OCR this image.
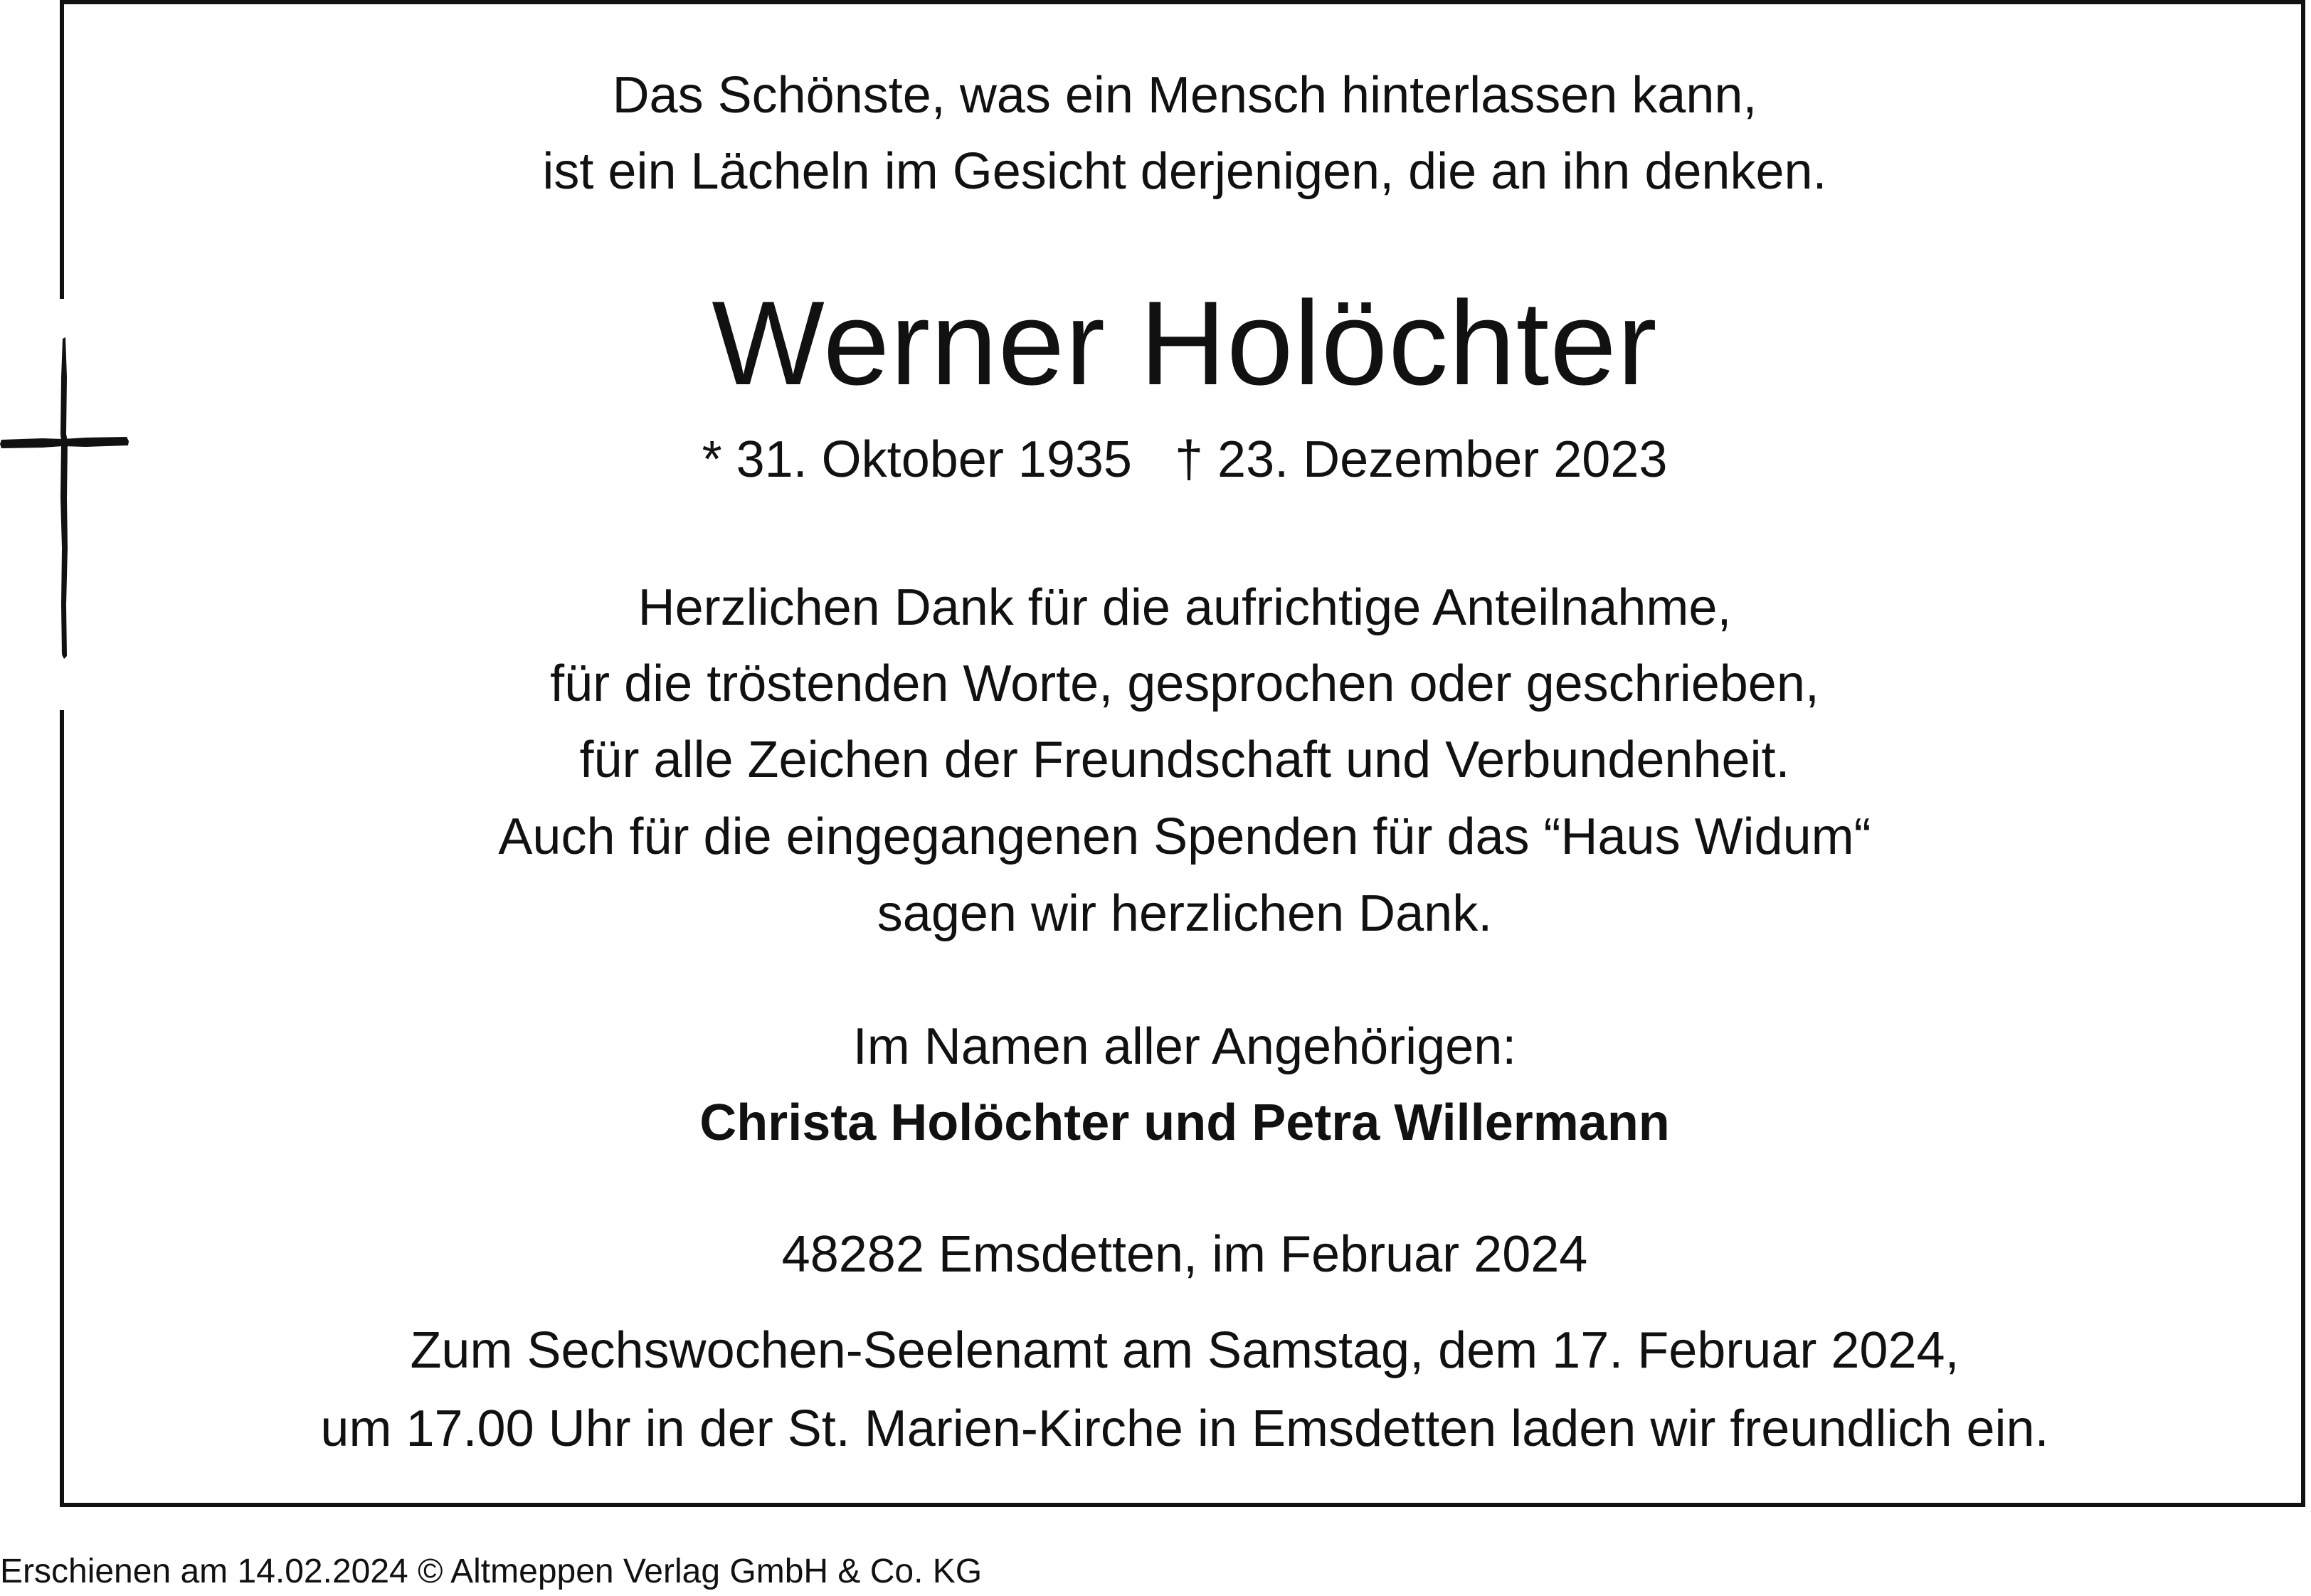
Das Schönste, was ein Mensch hinterlassen kann,
ist ein Lächeln im Gesicht derjenigen, die an ihn denken.
Werner Holöchter
* 31. Oktober 1935   † 23. Dezember 2023
Herzlichen Dank für die aufrichtige Anteilnahme,
für die tröstenden Worte, gesprochen oder geschrieben,
für alle Zeichen der Freundschaft und Verbundenheit.
Auch für die eingegangenen Spenden für das “Haus Widum“
sagen wir herzlichen Dank.
Im Namen aller Angehörigen:
Christa Holöchter und Petra Willermann
48282 Emsdetten, im Februar 2024
Zum Sechswochen-Seelenamt am Samstag, dem 17. Februar 2024,
um 17.00 Uhr in der St. Marien-Kirche in Emsdetten laden wir freundlich ein.
Erschienen am 14.02.2024 © Altmeppen Verlag GmbH & Co. KG
